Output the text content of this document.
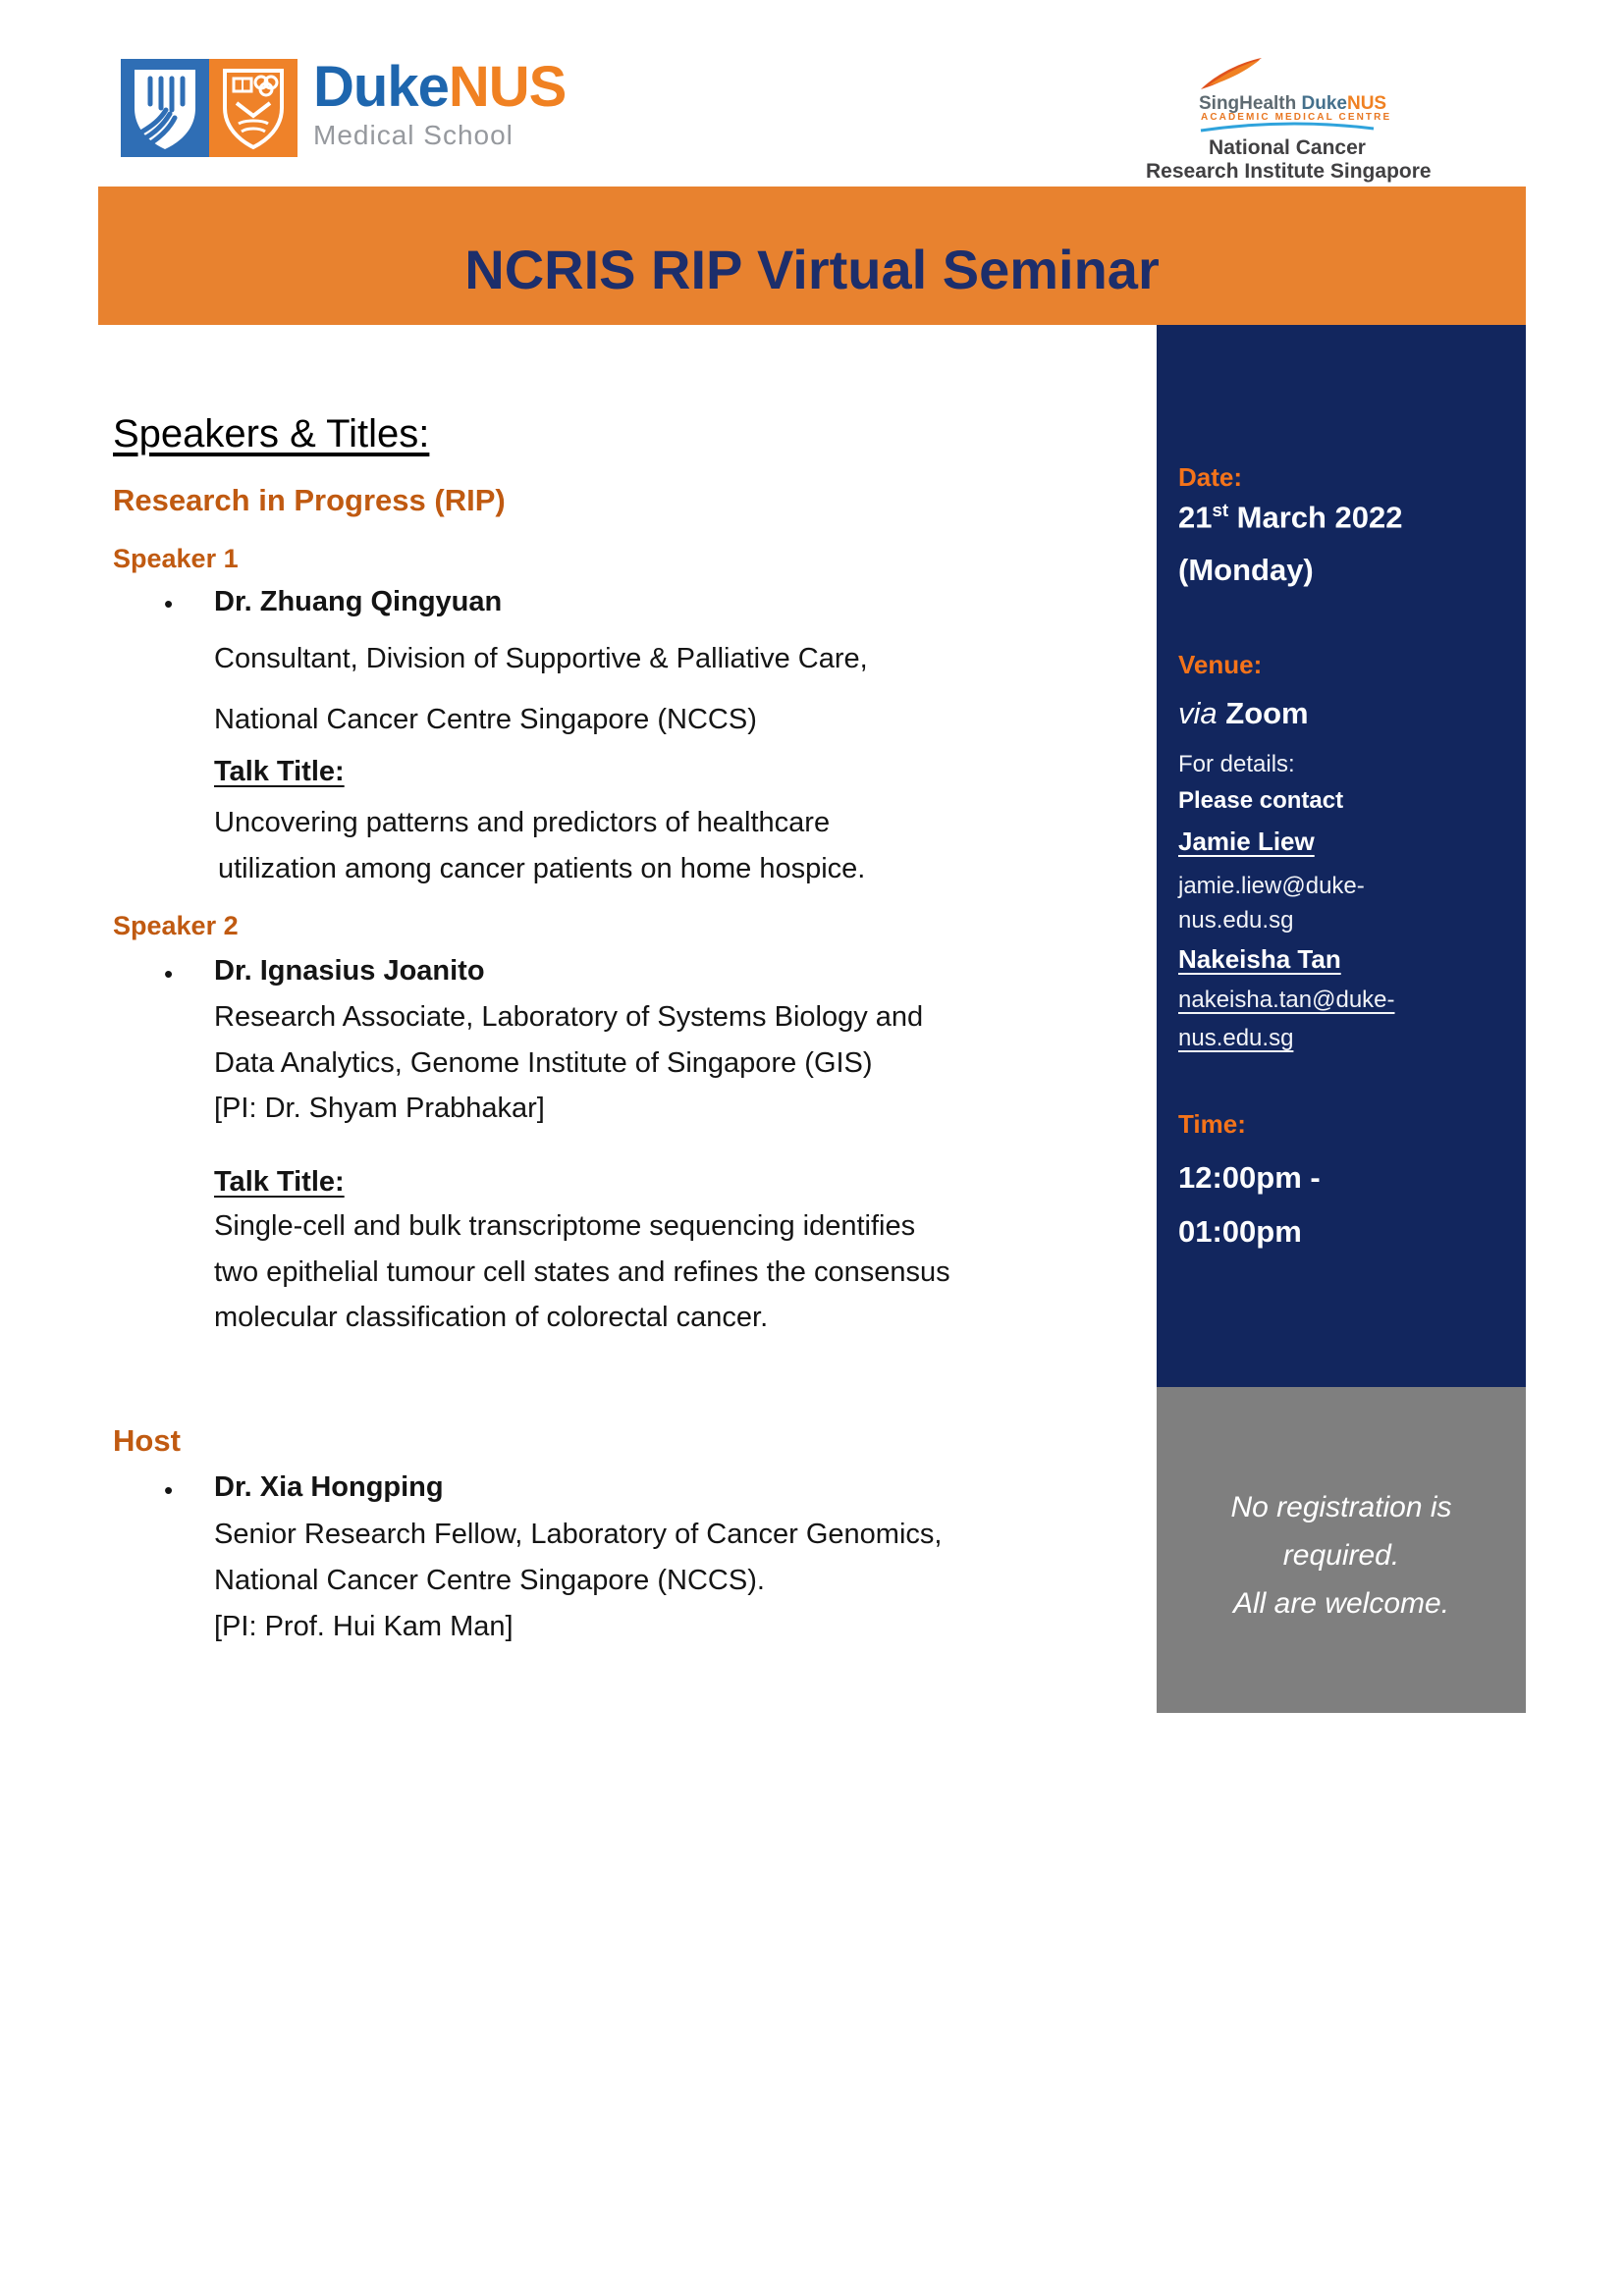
DukeNUS
Medical School
SingHealth DukeNUS
ACADEMIC MEDICAL CENTRE
National Cancer
Research Institute Singapore
NCRIS RIP Virtual Seminar
Speakers & Titles:
Research in Progress (RIP)
Speaker 1
• Dr. Zhuang Qingyuan
Consultant, Division of Supportive & Palliative Care,
National Cancer Centre Singapore (NCCS)
Talk Title:
Uncovering patterns and predictors of healthcare
utilization among cancer patients on home hospice.
Speaker 2
• Dr. Ignasius Joanito
Research Associate, Laboratory of Systems Biology and
Data Analytics, Genome Institute of Singapore (GIS)
[PI: Dr. Shyam Prabhakar]
Talk Title:
Single-cell and bulk transcriptome sequencing identifies
two epithelial tumour cell states and refines the consensus
molecular classification of colorectal cancer.
Host
• Dr. Xia Hongping
Senior Research Fellow, Laboratory of Cancer Genomics,
National Cancer Centre Singapore (NCCS).
[PI: Prof. Hui Kam Man]
Date:
21st March 2022
(Monday)
Venue:
via Zoom
For details:
Please contact
Jamie Liew
jamie.liew@duke-
nus.edu.sg
Nakeisha Tan
nakeisha.tan@duke-
nus.edu.sg
Time:
12:00pm -
01:00pm
No registration is
required.
All are welcome.
